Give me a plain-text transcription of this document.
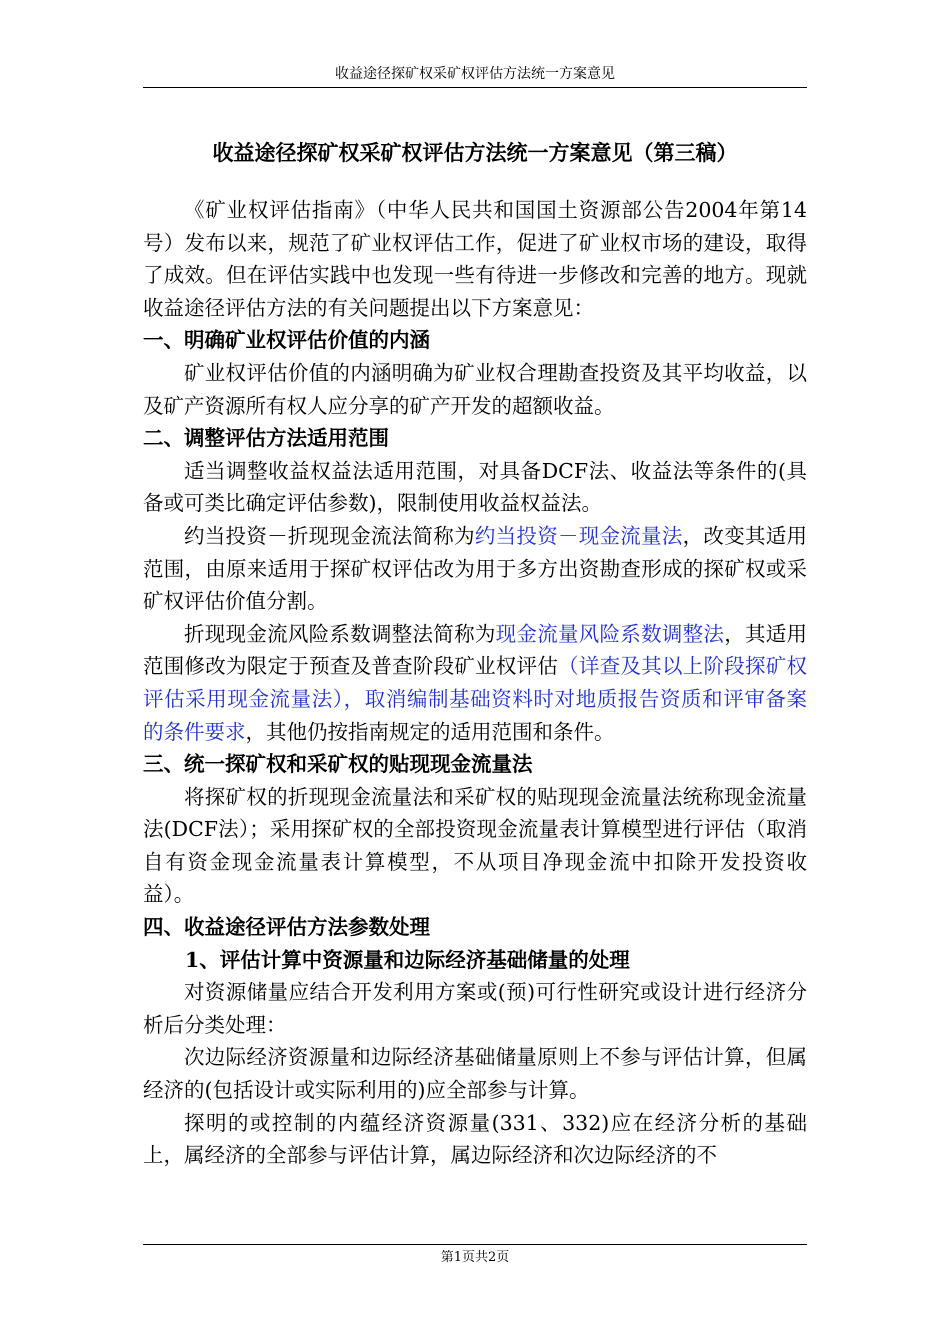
收益途径探矿权采矿权评估方法统一方案意见
收益途径探矿权采矿权评估方法统一方案意见（第三稿）

《矿业权评估指南》（中华人民共和国国土资源部公告2004年第14号）发布以来，规范了矿业权评估工作，促进了矿业权市场的建设，取得了成效。但在评估实践中也发现一些有待进一步修改和完善的地方。现就收益途径评估方法的有关问题提出以下方案意见：

一、明确矿业权评估价值的内涵

矿业权评估价值的内涵明确为矿业权合理勘查投资及其平均收益，以及矿产资源所有权人应分享的矿产开发的超额收益。

二、调整评估方法适用范围

适当调整收益权益法适用范围，对具备DCF法、收益法等条件的(具备或可类比确定评估参数)，限制使用收益权益法。

约当投资－折现现金流法简称为约当投资－现金流量法，改变其适用范围，由原来适用于探矿权评估改为用于多方出资勘查形成的探矿权或采矿权评估价值分割。

折现现金流风险系数调整法简称为现金流量风险系数调整法，其适用范围修改为限定于预查及普查阶段矿业权评估（详查及其以上阶段探矿权评估采用现金流量法），取消编制基础资料时对地质报告资质和评审备案的条件要求，其他仍按指南规定的适用范围和条件。

三、统一探矿权和采矿权的贴现现金流量法

将探矿权的折现现金流量法和采矿权的贴现现金流量法统称现金流量法(DCF法）；采用探矿权的全部投资现金流量表计算模型进行评估（取消自有资金现金流量表计算模型，不从项目净现金流中扣除开发投资收益）。

四、收益途径评估方法参数处理
1、评估计算中资源量和边际经济基础储量的处理

对资源储量应结合开发利用方案或(预)可行性研究或设计进行经济分析后分类处理：

次边际经济资源量和边际经济基础储量原则上不参与评估计算，但属经济的(包括设计或实际利用的)应全部参与计算。

探明的或控制的内蕴经济资源量(331、332)应在经济分析的基础上，属经济的全部参与评估计算，属边际经济和次边际经济的不

第1页共2页
